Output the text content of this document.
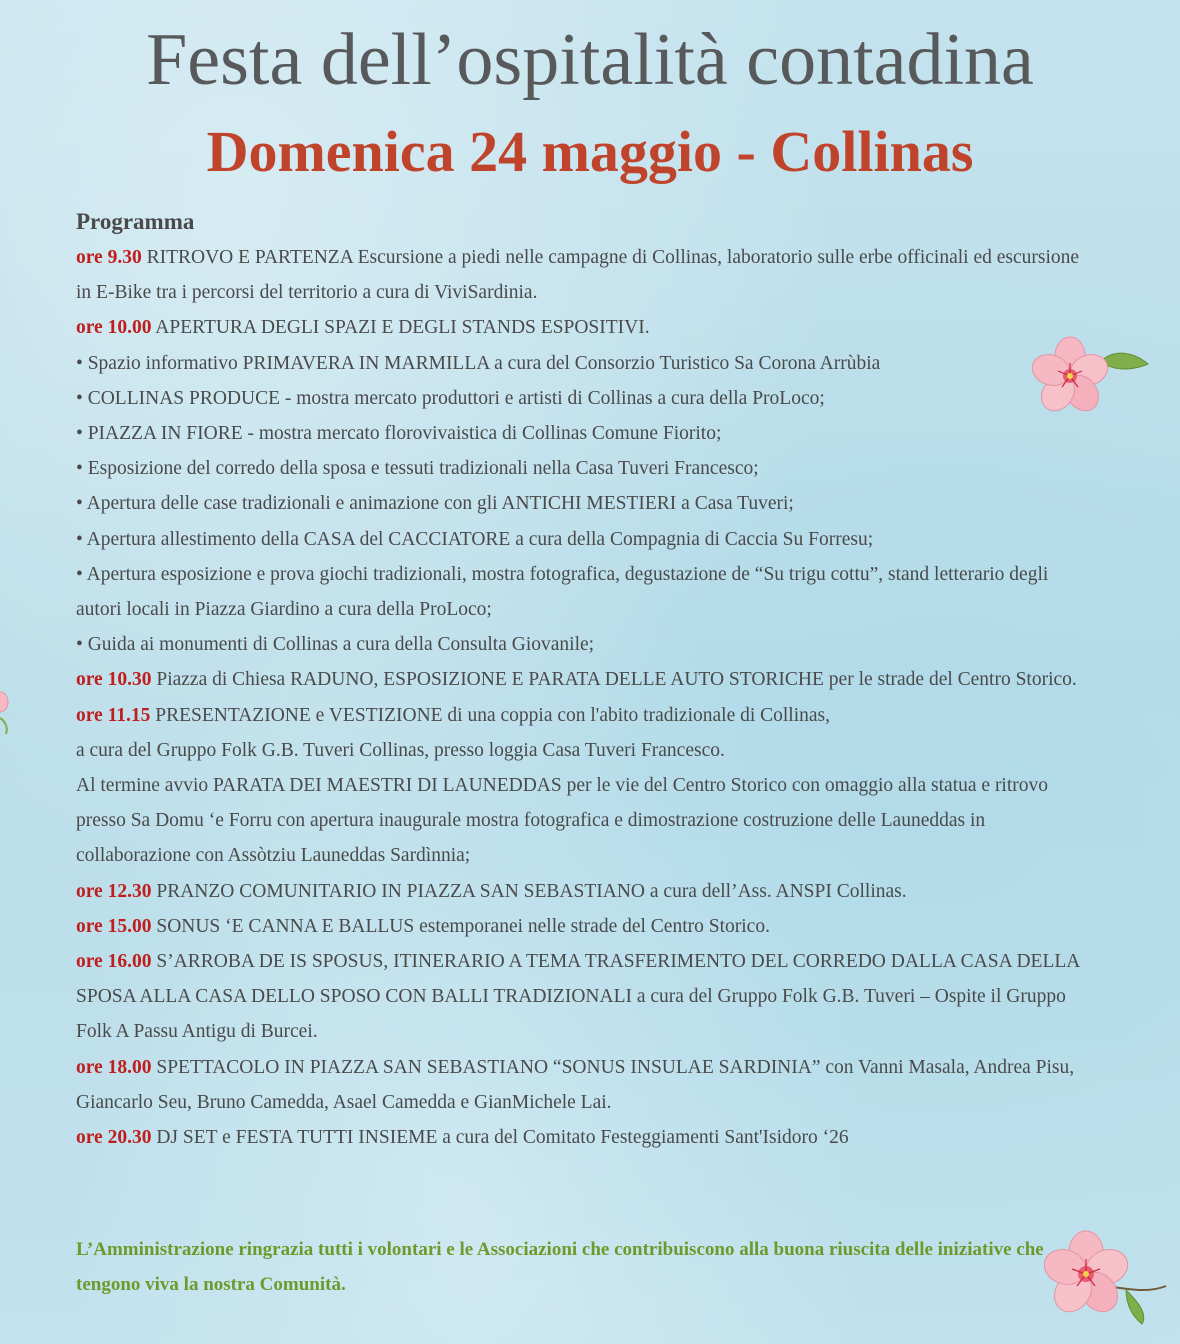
Festa dell’ospitalità contadina
Domenica 24 maggio - Collinas
Programma
ore 9.30 RITROVO E PARTENZA Escursione a piedi nelle campagne di Collinas, laboratorio sulle erbe officinali ed escursione in E-Bike tra i percorsi del territorio a cura di ViviSardinia.
ore 10.00 APERTURA DEGLI SPAZI E DEGLI STANDS ESPOSITIVI.
• Spazio informativo PRIMAVERA IN MARMILLA a cura del Consorzio Turistico Sa Corona Arrùbia
• COLLINAS PRODUCE - mostra mercato produttori e artisti di Collinas a cura della ProLoco;
• PIAZZA IN FIORE - mostra mercato florovivaistica di Collinas Comune Fiorito;
• Esposizione del corredo della sposa e tessuti tradizionali nella Casa Tuveri Francesco;
• Apertura delle case tradizionali e animazione con gli ANTICHI MESTIERI a Casa Tuveri;
• Apertura allestimento della CASA del CACCIATORE a cura della Compagnia di Caccia Su Forresu;
• Apertura esposizione e prova giochi tradizionali, mostra fotografica, degustazione de “Su trigu cottu”, stand letterario degli autori locali in Piazza Giardino a cura della ProLoco;
• Guida ai monumenti di Collinas a cura della Consulta Giovanile;
ore 10.30 Piazza di Chiesa RADUNO, ESPOSIZIONE E PARATA DELLE AUTO STORICHE per le strade del Centro Storico.
ore 11.15 PRESENTAZIONE e VESTIZIONE di una coppia con l'abito tradizionale di Collinas,
a cura del Gruppo Folk G.B. Tuveri Collinas, presso loggia Casa Tuveri Francesco.
Al termine avvio PARATA DEI MAESTRI DI LAUNEDDAS per le vie del Centro Storico con omaggio alla statua e ritrovo presso Sa Domu ‘e Forru con apertura inaugurale mostra fotografica e dimostrazione costruzione delle Launeddas in collaborazione con Assòtziu Launeddas Sardìnnia;
ore 12.30 PRANZO COMUNITARIO IN PIAZZA SAN SEBASTIANO a cura dell’Ass. ANSPI Collinas.
ore 15.00 SONUS ‘E CANNA E BALLUS estemporanei nelle strade del Centro Storico.
ore 16.00 S’ARROBA DE IS SPOSUS, ITINERARIO A TEMA TRASFERIMENTO DEL CORREDO DALLA CASA DELLA SPOSA ALLA CASA DELLO SPOSO CON BALLI TRADIZIONALI a cura del Gruppo Folk G.B. Tuveri – Ospite il Gruppo Folk A Passu Antigu di Burcei.
ore 18.00 SPETTACOLO IN PIAZZA SAN SEBASTIANO “SONUS INSULAE SARDINIA” con Vanni Masala, Andrea Pisu, Giancarlo Seu, Bruno Camedda, Asael Camedda e GianMichele Lai.
ore 20.30 DJ SET e FESTA TUTTI INSIEME a cura del Comitato Festeggiamenti Sant'Isidoro ‘26
L’Amministrazione ringrazia tutti i volontari e le Associazioni che contribuiscono alla buona riuscita delle iniziative che tengono viva la nostra Comunità.
